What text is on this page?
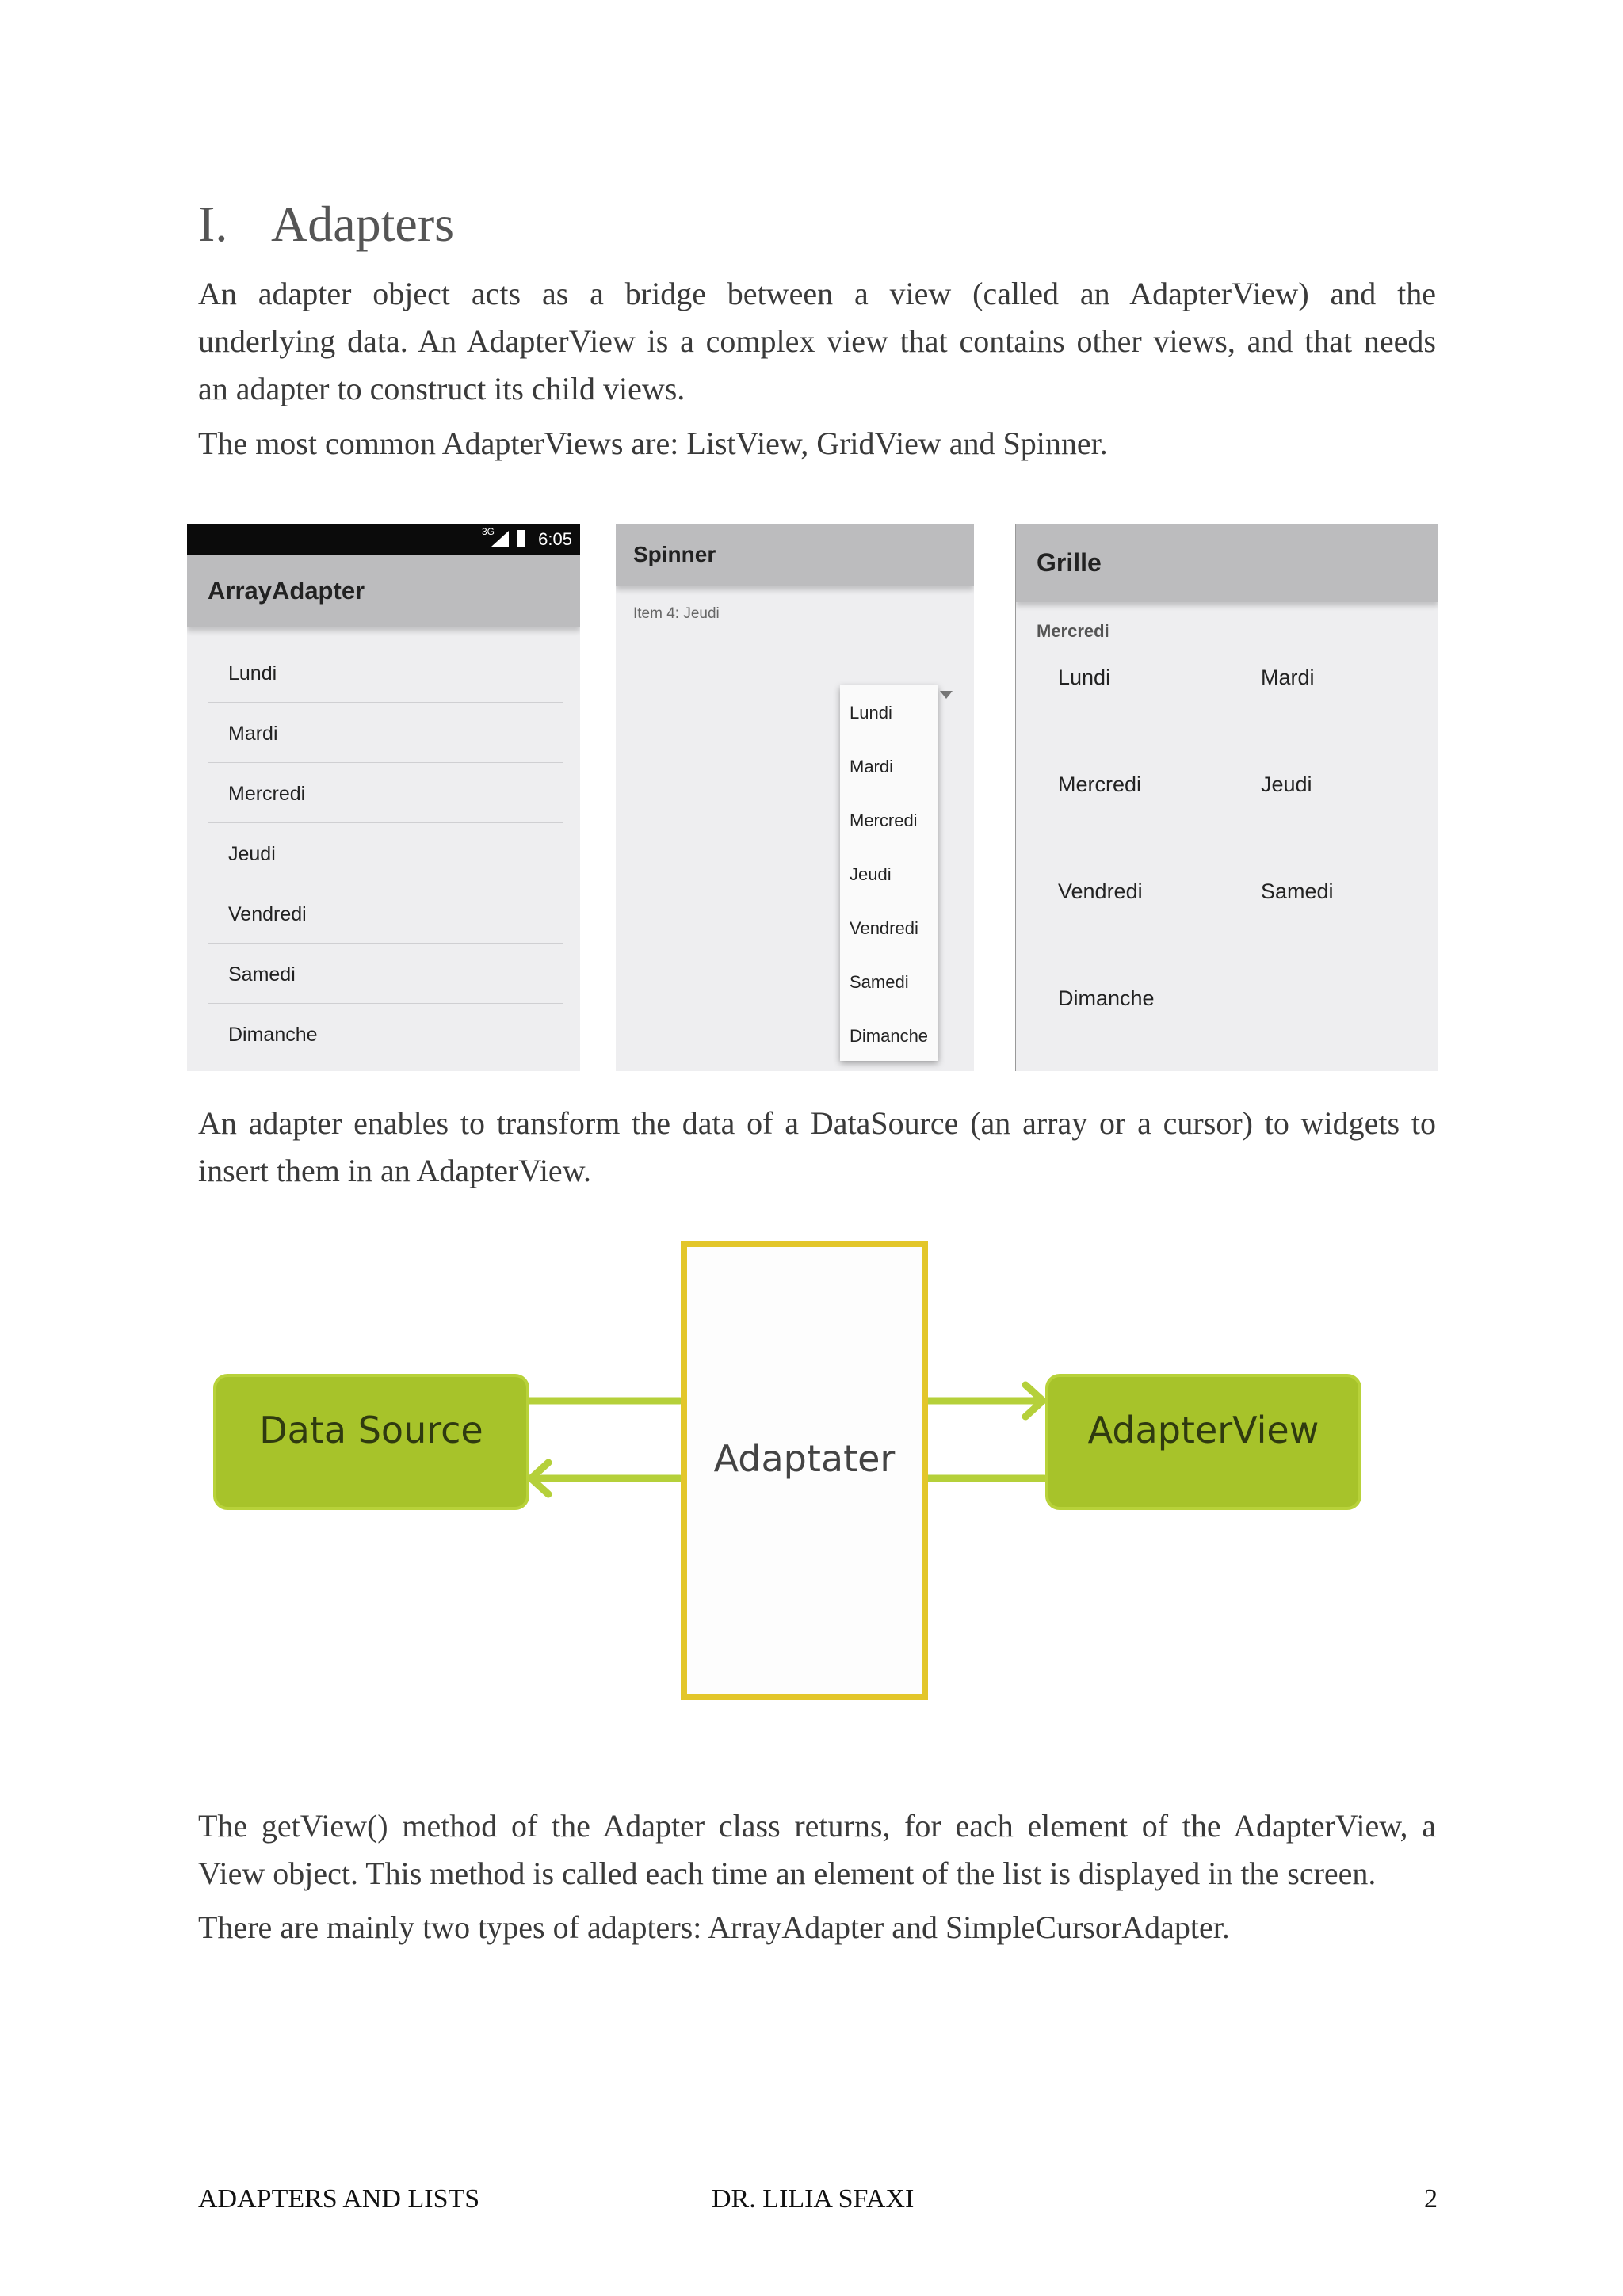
I. Adapters

An adapter object acts as a bridge between a view (called an AdapterView) and the

underlying data. An AdapterView is a complex view that contains other views, and that needs

an adapter to construct its child views.

The most common AdapterViews are: ListView, GridView and Spinner.

3G	6:05
ArrayAdapter
Lundi
Mardi
Mercredi
Jeudi
Vendredi
Samedi
Dimanche
Spinner
Item 4: Jeudi
Lundi
Mardi
Mercredi
Jeudi
Vendredi
Samedi
Dimanche
Grille
Mercredi
Lundi	Mardi
Mercredi	Jeudi
Vendredi	Samedi
Dimanche

An adapter enables to transform the data of a DataSource (an array or a cursor) to widgets to

insert them in an AdapterView.

Data Source
Adaptater
AdapterView

The getView() method of the Adapter class returns, for each element of the AdapterView, a

View object. This method is called each time an element of the list is displayed in the screen.

There are mainly two types of adapters: ArrayAdapter and SimpleCursorAdapter.

ADAPTERS AND LISTS	DR. LILIA SFAXI	2
